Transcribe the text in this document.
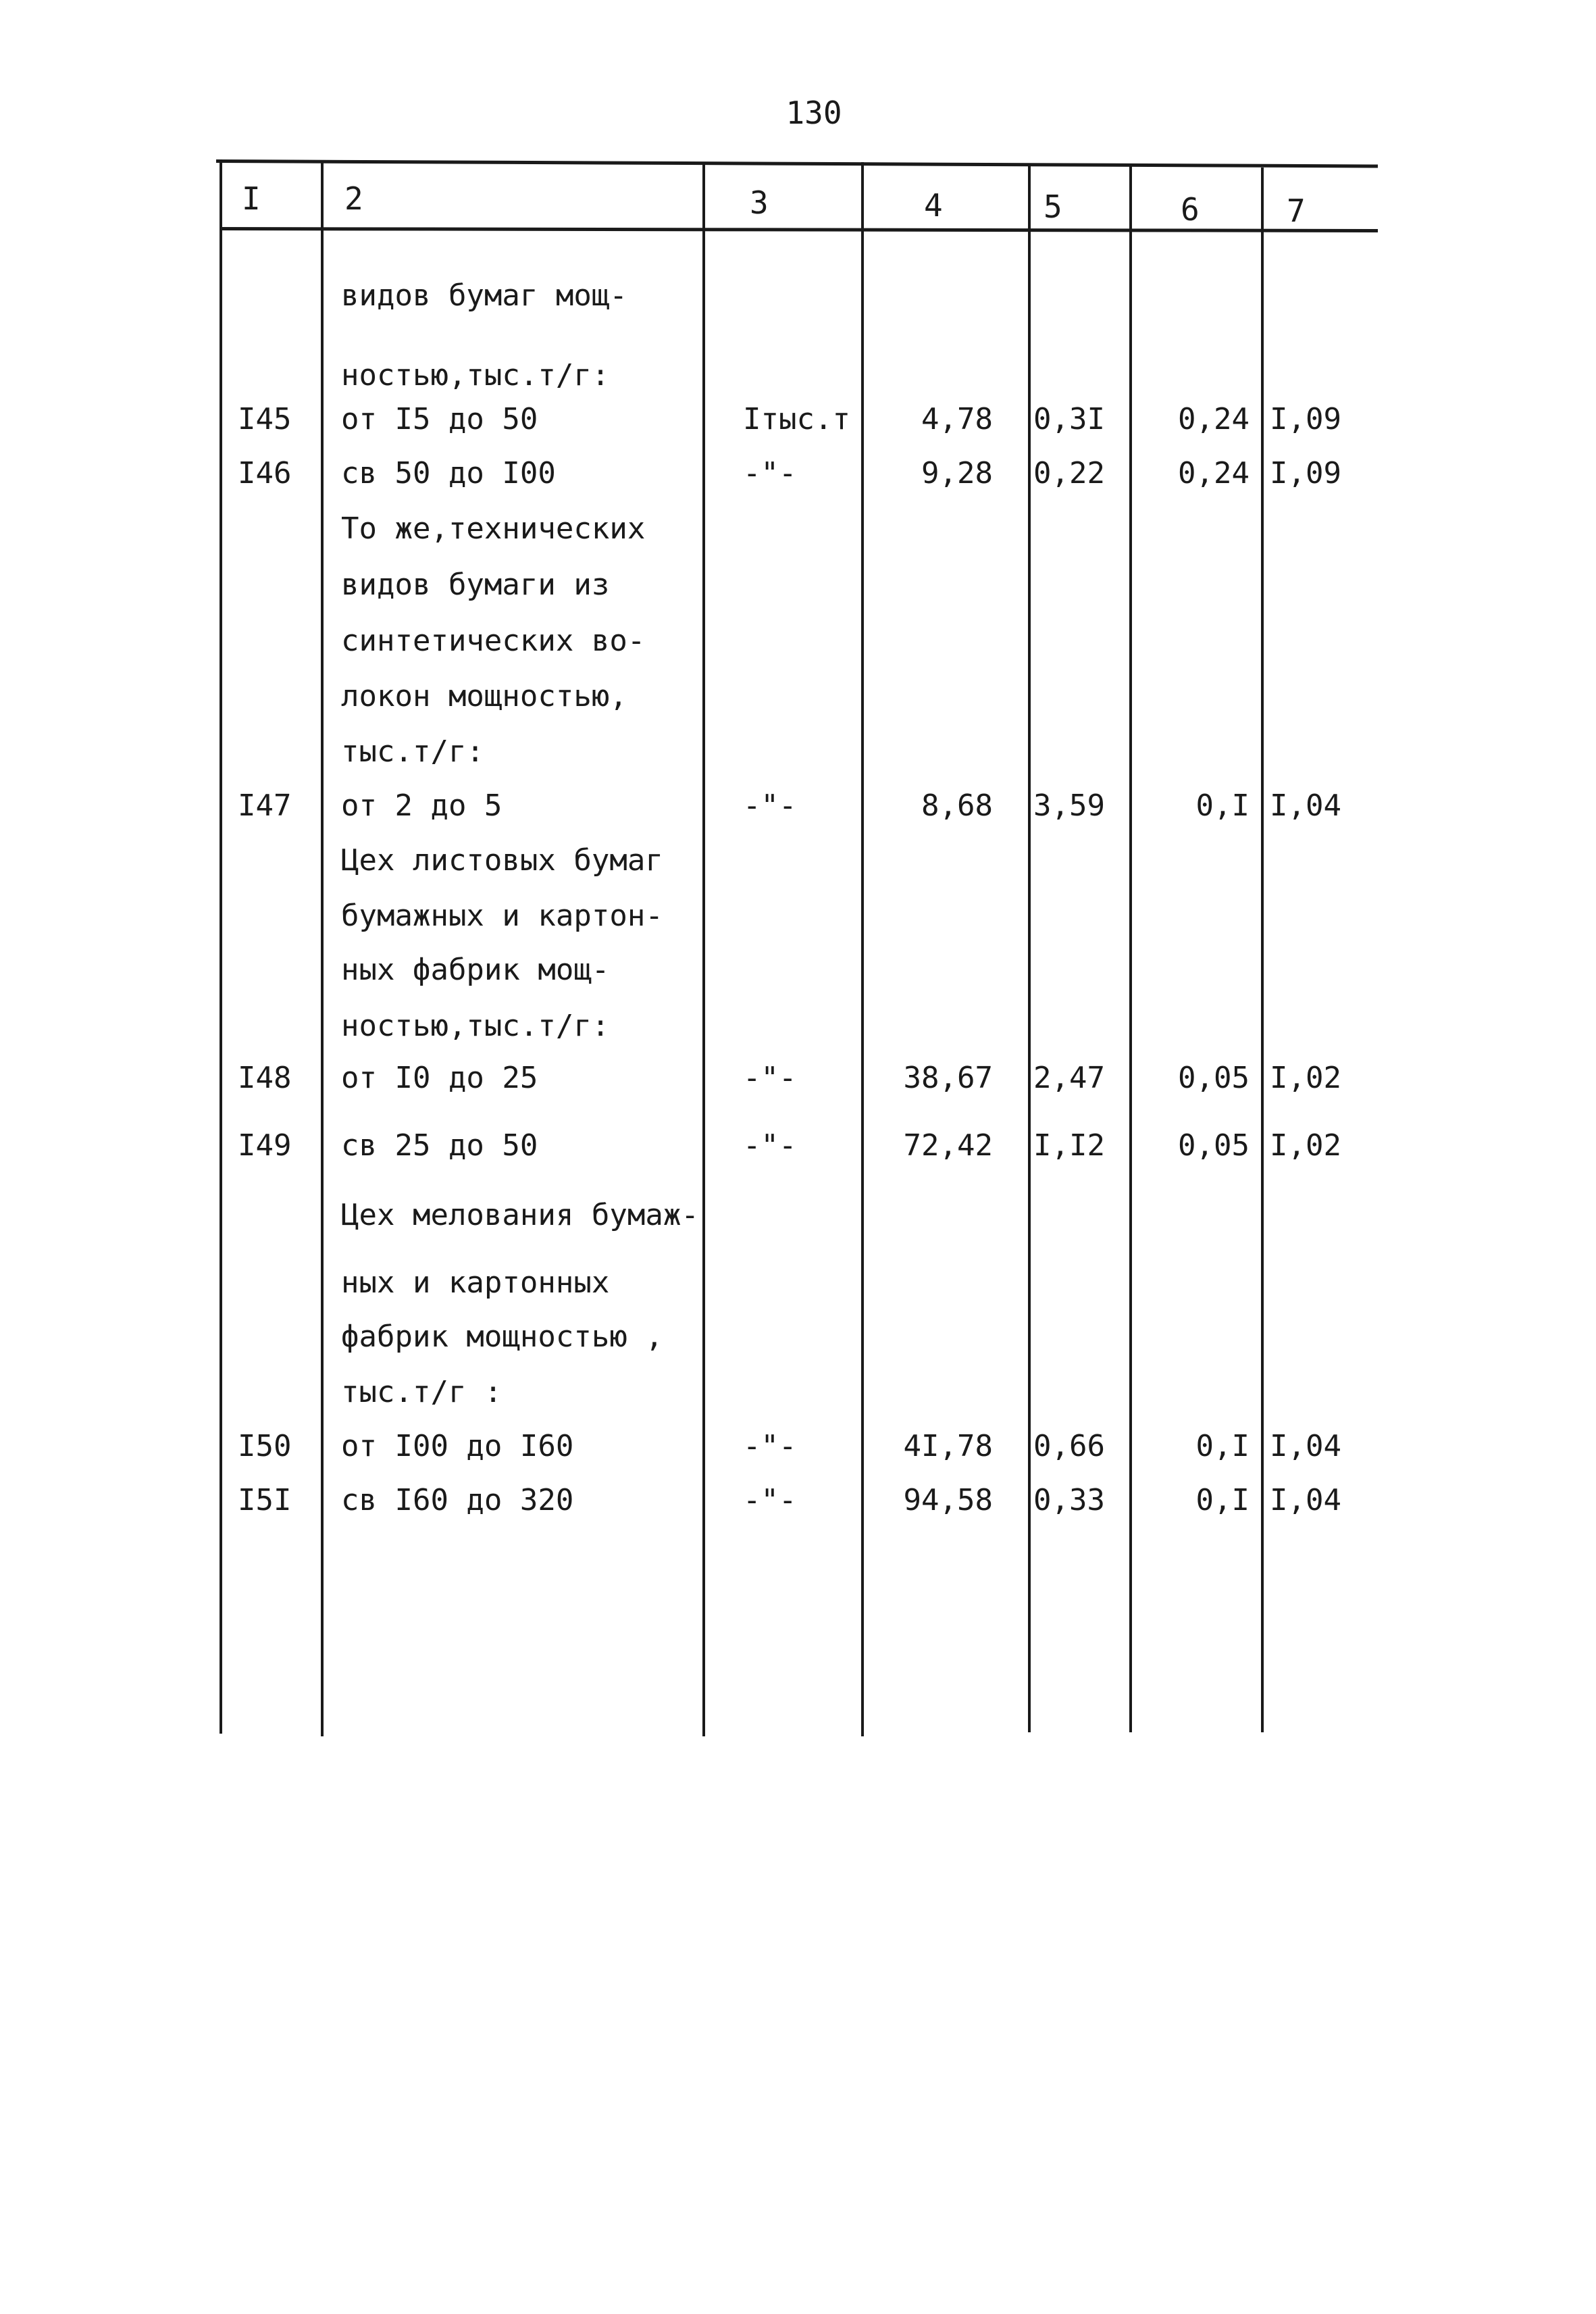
130
I	2	3	4	5	6	7
видов бумаг мощ-
ностью,тыс.т/г:
I45 от I5 до 50	Iтыс.т	4,78 0,3I	0,24 I,09
I46 св 50 до I00	-"-	9,28 0,22	0,24 I,09
То же,технических
видов бумаги из
синтетических во-
локон мощностью,
тыс.т/г:
I47 от 2 до 5	-"-	8,68 3,59	0,I I,04
Цех листовых бумаг
бумажных и картон-
ных фабрик мощ-
ностью,тыс.т/г:
I48 от I0 до 25	-"-	38,67 2,47	0,05 I,02
I49 св 25 до 50	-"-	72,42 I,I2	0,05 I,02
Цех мелования бумаж-
ных и картонных
фабрик мощностью ,
тыс.т/г :
I50 от I00 до I60	-"-	4I,78 0,66	0,I I,04
I5I св I60 до 320	-"-	94,58 0,33	0,I I,04
